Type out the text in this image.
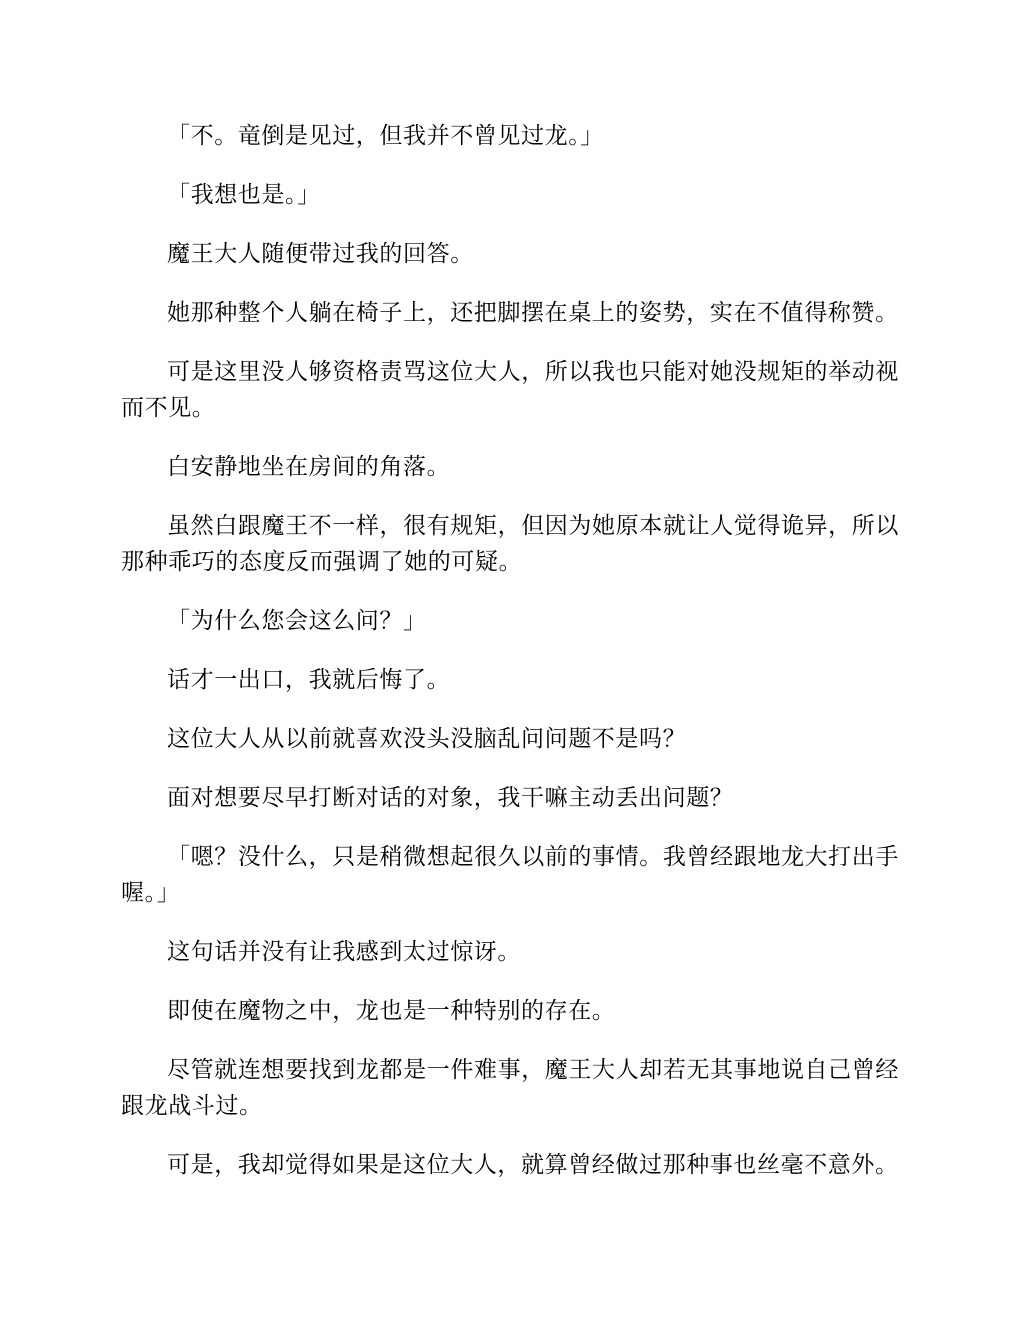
「不。竜倒是见过，但我并不曾见过龙。」

「我想也是。」

魔王大人随便带过我的回答。

她那种整个人躺在椅子上，还把脚摆在桌上的姿势，实在不值得称赞。

可是这里没人够资格责骂这位大人，所以我也只能对她没规矩的举动视而不见。

白安静地坐在房间的角落。

虽然白跟魔王不一样，很有规矩，但因为她原本就让人觉得诡异，所以那种乖巧的态度反而强调了她的可疑。

「为什么您会这么问？」

话才一出口，我就后悔了。

这位大人从以前就喜欢没头没脑乱问问题不是吗？

面对想要尽早打断对话的对象，我干嘛主动丢出问题？

「嗯？没什么，只是稍微想起很久以前的事情。我曾经跟地龙大打出手喔。」

这句话并没有让我感到太过惊讶。

即使在魔物之中，龙也是一种特别的存在。

尽管就连想要找到龙都是一件难事，魔王大人却若无其事地说自己曾经跟龙战斗过。

可是，我却觉得如果是这位大人，就算曾经做过那种事也丝毫不意外。
